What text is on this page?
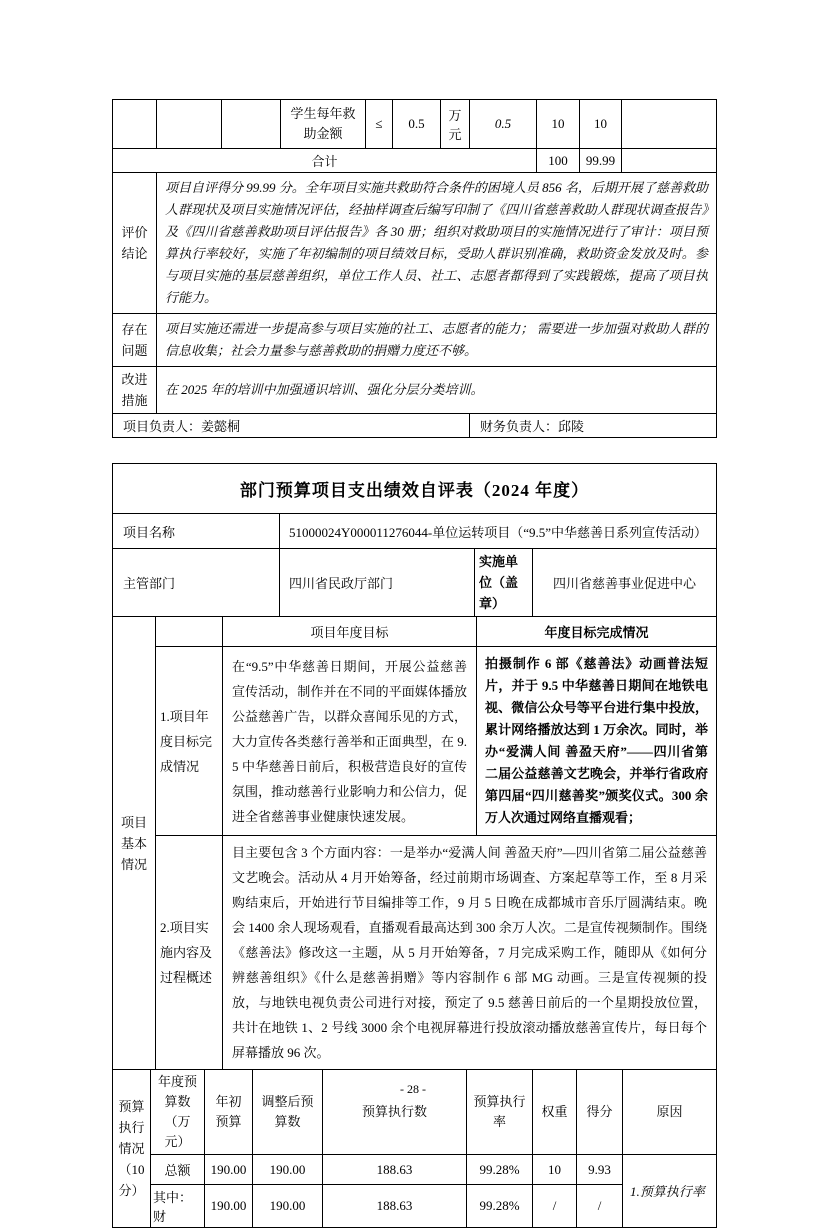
			学生每年救助金额	≤	0.5	万元	0.5	10	10	
合计								100	99.99	
评价结论	项目自评得分 99.99 分。全年项目实施共救助符合条件的困境人员 856 名，后期开展了慈善救助人群现状及项目实施情况评估，经抽样调查后编写印制了《四川省慈善救助人群现状调查报告》及《四川省慈善救助项目评估报告》各 30 册；组织对救助项目的实施情况进行了审计：项目预算执行率较好，实施了年初编制的项目绩效目标，受助人群识别准确，救助资金发放及时。参与项目实施的基层慈善组织，单位工作人员、社工、志愿者都得到了实践锻炼，提高了项目执行能力。									
存在问题	项目实施还需进一步提高参与项目实施的社工、志愿者的能力； 需要进一步加强对救助人群的信息收集；社会力量参与慈善救助的捐赠力度还不够。									
改进措施	在 2025 年的培训中加强通识培训、强化分层分类培训。									
项目负责人：姜懿桐							财务负责人：邱陵			
部门预算项目支出绩效自评表（2024 年度）
项目名称	51000024Y000011276044-单位运转项目（“9.5”中华慈善日系列宣传活动）
主管部门	四川省民政厅部门	实施单位（盖章）	四川省慈善事业促进中心
项目基本情况		项目年度目标	年度目标完成情况
	1.项目年度目标完成情况	在“9.5”中华慈善日期间，开展公益慈善宣传活动，制作并在不同的平面媒体播放公益慈善广告，以群众喜闻乐见的方式，大力宣传各类慈行善举和正面典型，在 9.5 中华慈善日前后，积极营造良好的宣传氛围，推动慈善行业影响力和公信力，促进全省慈善事业健康快速发展。	拍摄制作 6 部《慈善法》动画普法短片，并于 9.5 中华慈善日期间在地铁电视、微信公众号等平台进行集中投放，累计网络播放达到 1 万余次。同时，举办“爱满人间 善盈天府”——四川省第二届公益慈善文艺晚会，并举行省政府第四届“四川慈善奖”颁奖仪式。300 余万人次通过网络直播观看；
	2.项目实施内容及过程概述	目主要包含 3 个方面内容：一是举办“爱满人间 善盈天府”—四川省第二届公益慈善文艺晚会。活动从 4 月开始筹备，经过前期市场调查、方案起草等工作，至 8 月采购结束后，开始进行节目编排等工作，9 月 5 日晚在成都城市音乐厅圆满结束。晚会 1400 余人现场观看，直播观看最高达到 300 余万人次。二是宣传视频制作。围绕《慈善法》修改这一主题，从 5 月开始筹备，7 月完成采购工作，随即从《如何分辨慈善组织》《什么是慈善捐赠》等内容制作 6 部 MG 动画。三是宣传视频的投放，与地铁电视负责公司进行对接，预定了 9.5 慈善日前后的一个星期投放位置，共计在地铁 1、2 号线 3000 余个电视屏幕进行投放滚动播放慈善宣传片，每日每个屏幕播放 96 次。	
预算执行情况（10 分）	年度预算数（万元）	年初预算	调整后预算数	预算执行数	预算执行率	权重	得分	原因
	总额	190.00	190.00	188.63	99.28%	10	9.93	1.预算执行率
	其中：财	190.00	190.00	188.63	99.28%	/	/	
- 28 -
